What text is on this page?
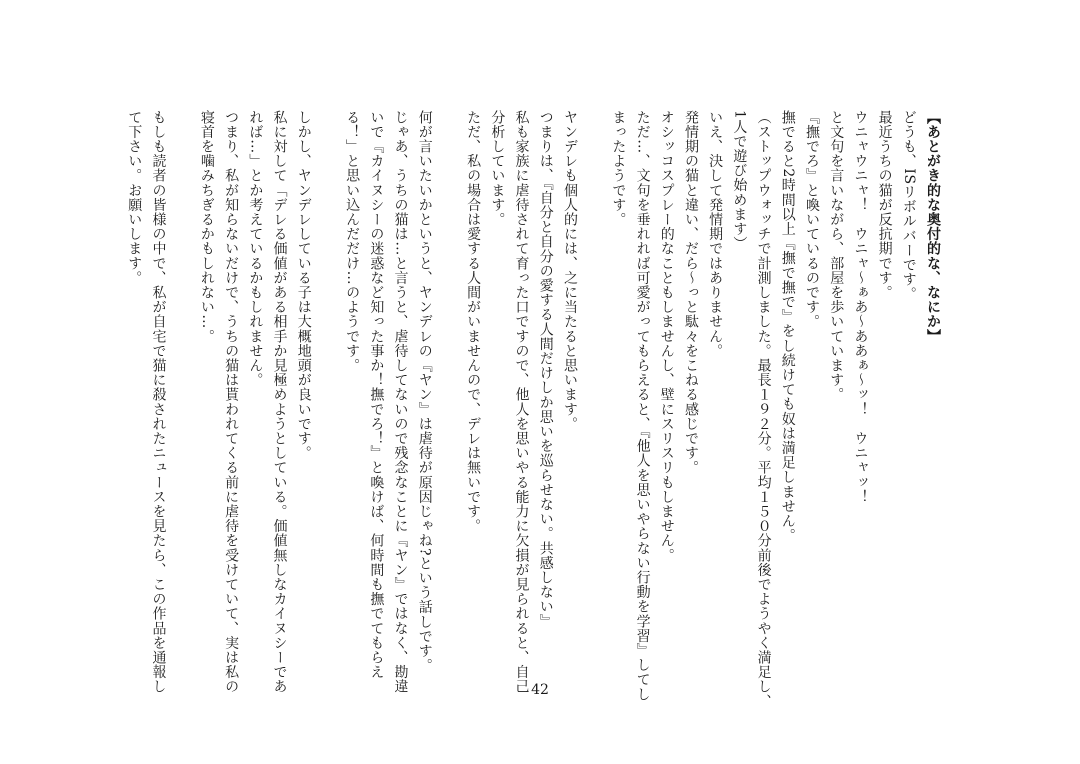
【あとがき的な奥付的な、なにか】
どうも、ISリボルバーです。
最近うちの猫が反抗期です。
ウニャウニャ！　ウニャ～ぁあ～ああぁ～ッ！　ウニャッ！
と文句を言いながら、部屋を歩いています。
『撫でろ』と喚いているのです。
撫でると2時間以上『撫で撫で』をし続けても奴は満足しません。
（ストップウォッチで計測しました。最長１９２分。平均１５０分前後でようやく満足し、
1人で遊び始めます）
いえ、決して発情期ではありません。
発情期の猫と違い、だら～っと駄々をこねる感じです。
オシッコスプレー的なこともしませんし、壁にスリスリもしません。
ただ…、文句を垂れれば可愛がってもらえると、『他人を思いやらない行動を学習』してし
まったようです。

ヤンデレも個人的には、之に当たると思います。
つまりは、『自分と自分の愛する人間だけしか思いを巡らせない。共感しない』
私も家族に虐待されて育った口ですので、他人を思いやる能力に欠損が見られると、自己
分析しています。
ただ、私の場合は愛する人間がいませんので、デレは無いです。

何が言いたいかというと、ヤンデレの『ヤン』は虐待が原因じゃね?という話しです。
じゃあ、うちの猫は…と言うと、虐待してないので残念なことに『ヤン』ではなく、勘違
いで『カイヌシーの迷惑など知った事か！撫でろ！』と喚けば、何時間も撫でてもらえ
る！」と思い込んだだけ…のようです。

しかし、ヤンデレしている子は大概地頭が良いです。
私に対して「デレる価値がある相手か見極めようとしている。価値無しなカイヌシーであ
れば…」とか考えているかもしれません。
つまり、私が知らないだけで、うちの猫は貰われてくる前に虐待を受けていて、実は私の
寝首を噛みちぎるかもしれない…。

もしも読者の皆様の中で、私が自宅で猫に殺されたニュースを見たら、この作品を通報し
て下さい。お願いします。
42
